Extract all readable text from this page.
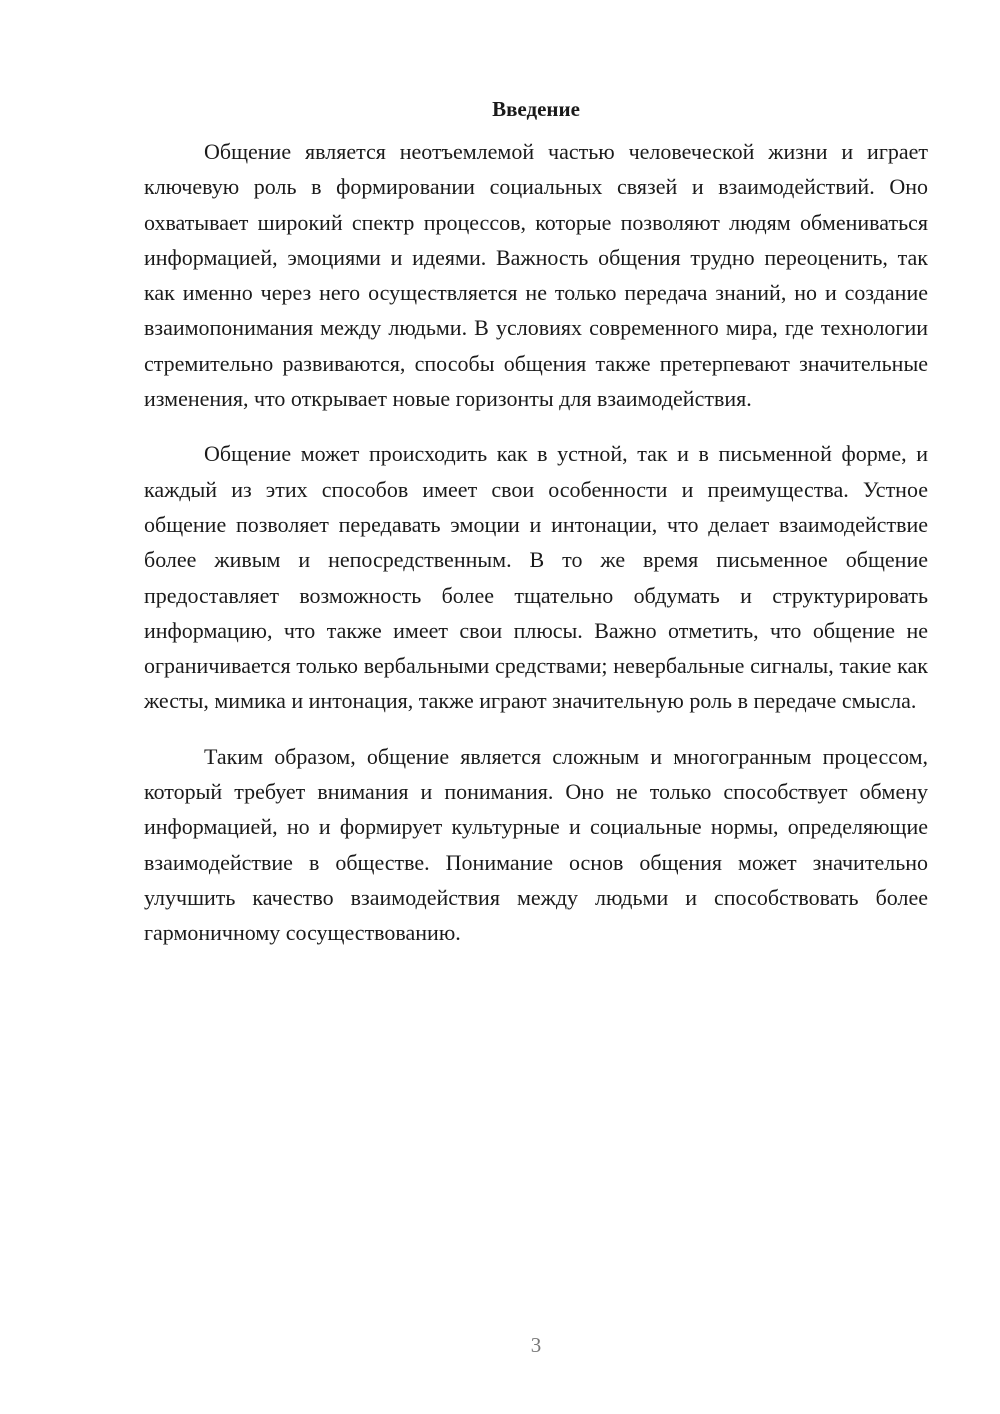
Введение

Общение является неотъемлемой частью человеческой жизни и играет ключевую роль в формировании социальных связей и взаимодействий. Оно охватывает широкий спектр процессов, которые позволяют людям обмениваться информацией, эмоциями и идеями. Важность общения трудно переоценить, так как именно через него осуществляется не только передача знаний, но и создание взаимопонимания между людьми. В условиях современного мира, где технологии стремительно развиваются, способы общения также претерпевают значительные изменения, что открывает новые горизонты для взаимодействия.

Общение может происходить как в устной, так и в письменной форме, и каждый из этих способов имеет свои особенности и преимущества. Устное общение позволяет передавать эмоции и интонации, что делает взаимодействие более живым и непосредственным. В то же время письменное общение предоставляет возможность более тщательно обдумать и структурировать информацию, что также имеет свои плюсы. Важно отметить, что общение не ограничивается только вербальными средствами; невербальные сигналы, такие как жесты, мимика и интонация, также играют значительную роль в передаче смысла.

Таким образом, общение является сложным и многогранным процессом, который требует внимания и понимания. Оно не только способствует обмену информацией, но и формирует культурные и социальные нормы, определяющие взаимодействие в обществе. Понимание основ общения может значительно улучшить качество взаимодействия между людьми и способствовать более гармоничному сосуществованию.

3
